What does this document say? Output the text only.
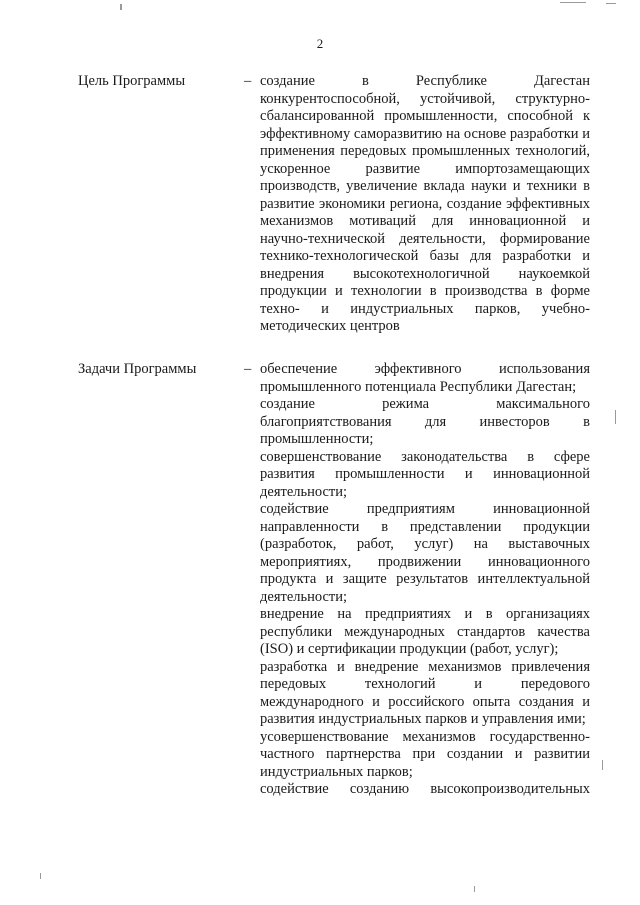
2
Цель Программы	– создание в Республике Дагестан конкурентоспособной, устойчивой, структурно-сбалансированной промышленности, способной к эффективному саморазвитию на основе разработки и применения передовых промышленных технологий, ускоренное развитие импортозамещающих производств, увеличение вклада науки и техники в развитие экономики региона, создание эффективных механизмов мотиваций для инновационной и научно-технической деятельности, формирование технико-технологической базы для разработки и внедрения высокотехнологичной наукоемкой продукции и технологии в производства в форме техно- и индустриальных парков, учебно-методических центров

Задачи Программы	– обеспечение эффективного использования промышленного потенциала Республики Дагестан;

создание режима максимального благоприятствования для инвесторов в промышленности;

совершенствование законодательства в сфере развития промышленности и инновационной деятельности;

содействие предприятиям инновационной направленности в представлении продукции (разработок, работ, услуг) на выставочных мероприятиях, продвижении инновационного продукта и защите результатов интеллектуальной деятельности;

внедрение на предприятиях и в организациях республики международных стандартов качества (ISO) и сертификации продукции (работ, услуг);

разработка и внедрение механизмов привлечения передовых технологий и передового международного и российского опыта создания и развития индустриальных парков и управления ими;

усовершенствование механизмов государственно-частного партнерства при создании и развитии индустриальных парков;

содействие созданию высокопроизводительных
